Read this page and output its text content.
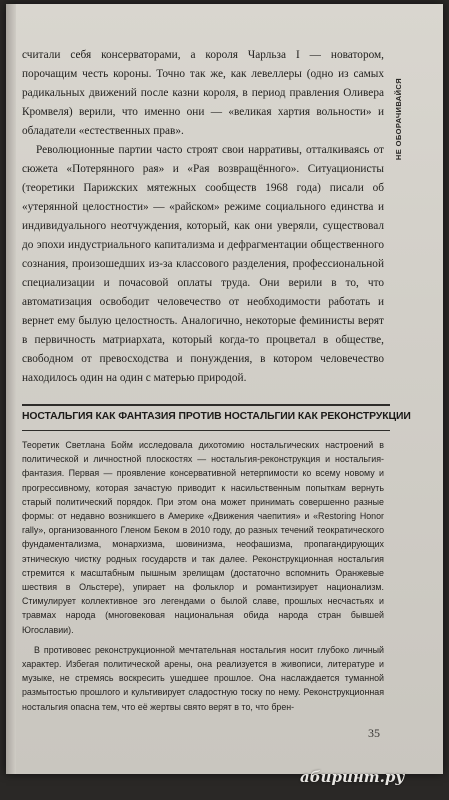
считали себя консерваторами, а короля Чарльза I — новатором, порочащим честь короны. Точно так же, как левеллеры (одно из самых радикальных движений после казни короля, в период правления Оливера Кромвеля) верили, что именно они — «великая хартия вольности» и обладатели «естественных прав».

Революционные партии часто строят свои нарративы, отталкиваясь от сюжета «Потерянного рая» и «Рая возвращённого». Ситуационисты (теоретики Парижских мятежных сообществ 1968 года) писали об «утерянной целостности» — «райском» режиме социального единства и индивидуального неотчуждения, который, как они уверяли, существовал до эпохи индустриального капитализма и дефрагментации общественного сознания, произошедших из-за классового разделения, профессиональной специализации и почасовой оплаты труда. Они верили в то, что автоматизация освободит человечество от необходимости работать и вернет ему былую целостность. Аналогично, некоторые феминисты верят в первичность матриархата, который когда-то процветал в обществе, свободном от превосходства и понуждения, в котором человечество находилось один на один с матерью природой.

НЕ ОБОРАЧИВАЙСЯ
НОСТАЛЬГИЯ КАК ФАНТАЗИЯ ПРОТИВ НОСТАЛЬГИИ КАК РЕКОНСТРУКЦИИ

Теоретик Светлана Бойм исследовала дихотомию ностальгических настроений в политической и личностной плоскостях — ностальгия-реконструкция и ностальгия-фантазия. Первая — проявление консервативной нетерпимости ко всему новому и прогрессивному, которая зачастую приводит к насильственным попыткам вернуть старый политический порядок. При этом она может принимать совершенно разные формы: от недавно возникшего в Америке «Движения чаепития» и «Restoring Honor rally», организованного Гленом Беком в 2010 году, до разных течений теократического фундаментализма, монархизма, шовинизма, неофашизма, пропагандирующих этническую чистку родных государств и так далее. Реконструкционная ностальгия стремится к масштабным пышным зрелищам (достаточно вспомнить Оранжевые шествия в Ольстере), упирает на фольклор и романтизирует национализм. Стимулирует коллективное эго легендами о былой славе, прошлых несчастьях и травмах народа (многовековая национальная обида народа стран бывшей Югославии).

В противовес реконструкционной мечтательная ностальгия носит глубоко личный характер. Избегая политической арены, она реализуется в живописи, литературе и музыке, не стремясь воскресить ушедшее прошлое. Она наслаждается туманной размытостью прошлого и культивирует сладостную тоску по нему. Реконструкционная ностальгия опасна тем, что её жертвы свято верят в то, что брен-

35
абиринт.ру
